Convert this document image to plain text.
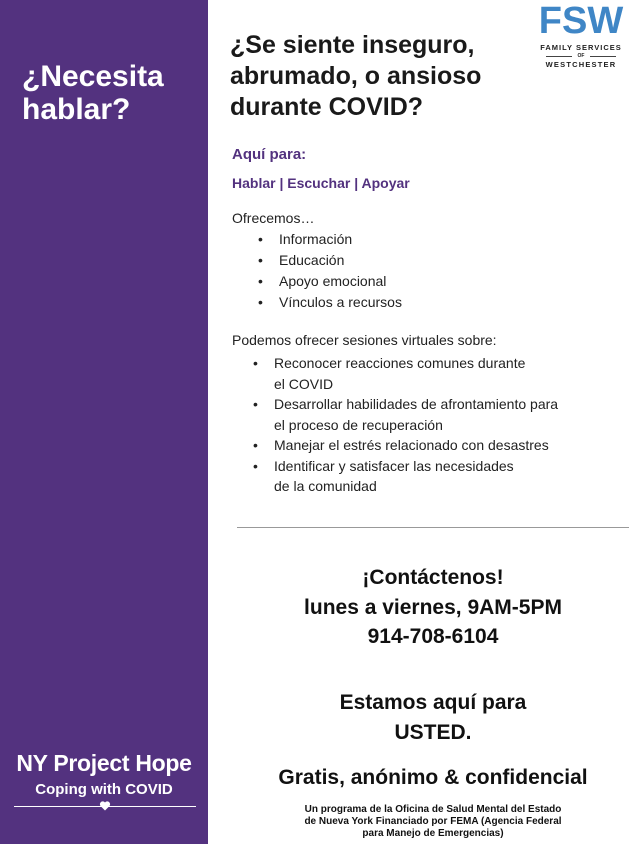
¿Necesita
hablar?
NY Project Hope
Coping with COVID
FSW
FAMILY SERVICES
OF
WESTCHESTER
¿Se siente inseguro,
abrumado, o ansioso
durante COVID?
Aquí para:
Hablar | Escuchar | Apoyar
Ofrecemos…
• Información
• Educación
• Apoyo emocional
• Vínculos a recursos
Podemos ofrecer sesiones virtuales sobre:
• Reconocer reacciones comunes durante
el COVID
• Desarrollar habilidades de afrontamiento para
el proceso de recuperación
• Manejar el estrés relacionado con desastres
• Identificar y satisfacer las necesidades
de la comunidad
¡Contáctenos!
lunes a viernes, 9AM-5PM
914-708-6104
Estamos aquí para
USTED.
Gratis, anónimo & confidencial
Un programa de la Oficina de Salud Mental del Estado
de Nueva York Financiado por FEMA (Agencia Federal
para Manejo de Emergencias)
